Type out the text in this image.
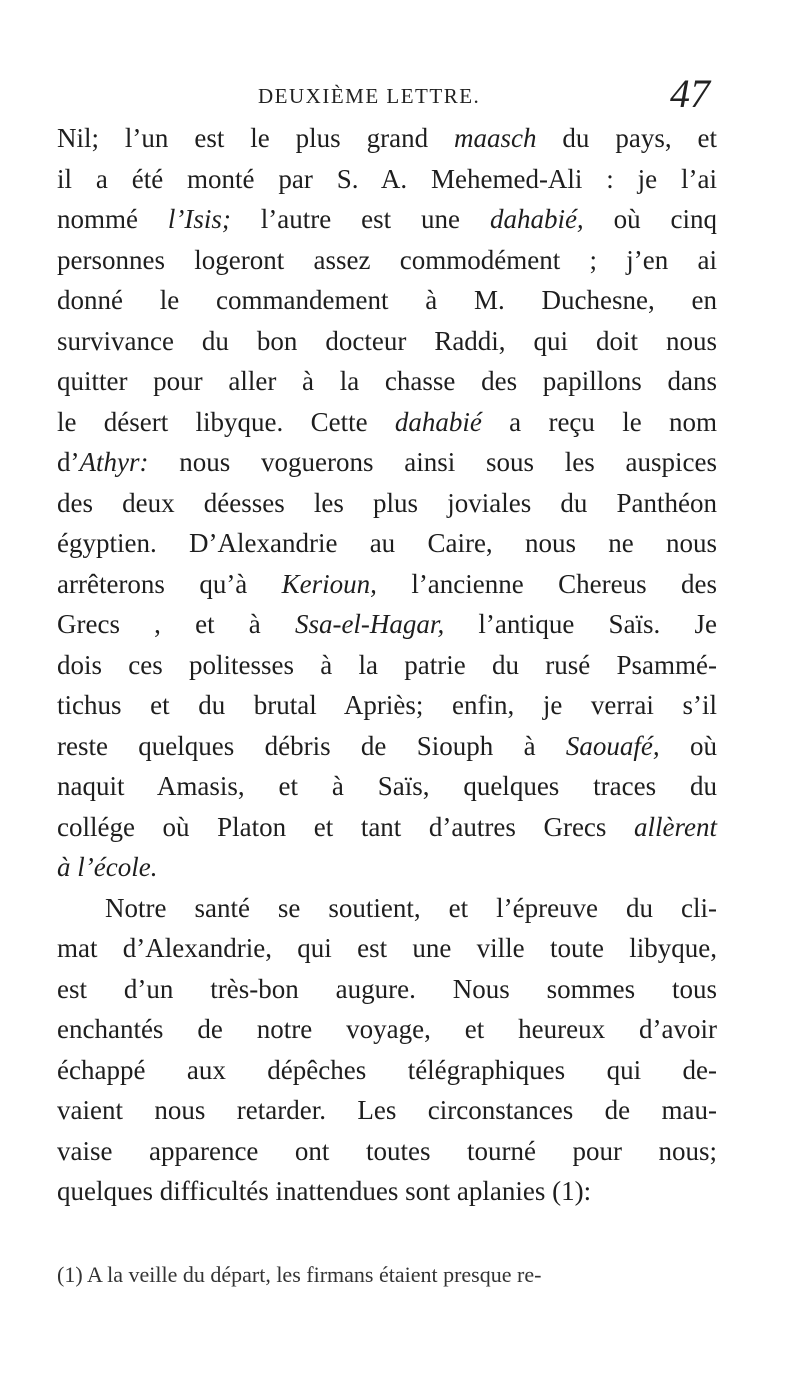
DEUXIÈME LETTRE.	47
Nil; l’un est le plus grand maasch du pays, et
il a été monté par S. A. Mehemed-Ali : je l’ai
nommé l’Isis; l’autre est une dahabié, où cinq
personnes logeront assez commodément ; j’en ai
donné le commandement à M. Duchesne, en
survivance du bon docteur Raddi, qui doit nous
quitter pour aller à la chasse des papillons dans
le désert libyque. Cette dahabié a reçu le nom
d’Athyr: nous voguerons ainsi sous les auspices
des deux déesses les plus joviales du Panthéon
égyptien. D’Alexandrie au Caire, nous ne nous
arrêterons qu’à Kerioun, l’ancienne Chereus des
Grecs , et à Ssa-el-Hagar, l’antique Saïs. Je
dois ces politesses à la patrie du rusé Psammé-
tichus et du brutal Apriès; enfin, je verrai s’il
reste quelques débris de Siouph à Saouafé, où
naquit Amasis, et à Saïs, quelques traces du
collége où Platon et tant d’autres Grecs allèrent
à l’école.
Notre santé se soutient, et l’épreuve du cli-
mat d’Alexandrie, qui est une ville toute libyque,
est d’un très-bon augure. Nous sommes tous
enchantés de notre voyage, et heureux d’avoir
échappé aux dépêches télégraphiques qui de-
vaient nous retarder. Les circonstances de mau-
vaise apparence ont toutes tourné pour nous;
quelques difficultés inattendues sont aplanies (1):
(1) A la veille du départ, les firmans étaient presque re-
